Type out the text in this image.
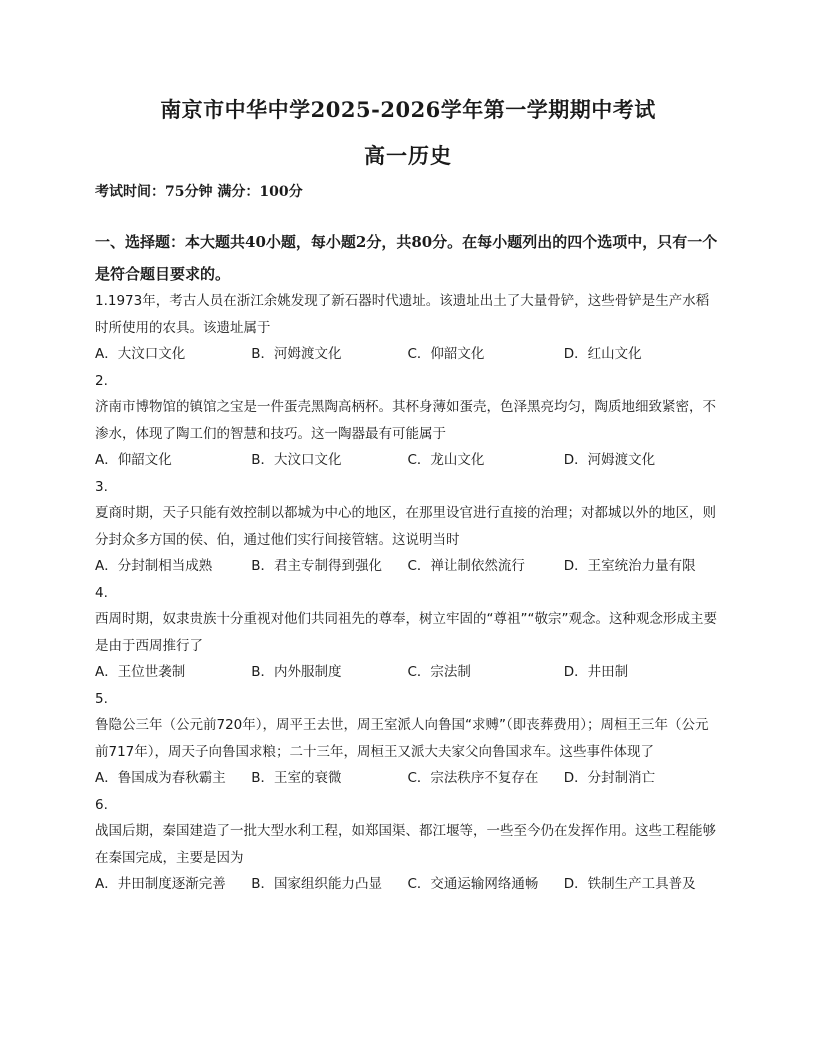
南京市中华中学2025-2026学年第一学期期中考试
高一历史
考试时间：75分钟 满分：100分
一、选择题：本大题共40小题，每小题2分，共80分。在每小题列出的四个选项中，只有一个是符合题目要求的。
1.1973年，考古人员在浙江余姚发现了新石器时代遗址。该遗址出土了大量骨铲，这些骨铲是生产水稻时所使用的农具。该遗址属于
A．大汶口文化	B．河姆渡文化	C．仰韶文化	D．红山文化
2.
济南市博物馆的镇馆之宝是一件蛋壳黑陶高柄杯。其杯身薄如蛋壳，色泽黑亮均匀，陶质地细致紧密，不渗水，体现了陶工们的智慧和技巧。这一陶器最有可能属于
A．仰韶文化	B．大汶口文化	C．龙山文化	D．河姆渡文化
3.
夏商时期，天子只能有效控制以都城为中心的地区，在那里设官进行直接的治理；对都城以外的地区，则分封众多方国的侯、伯，通过他们实行间接管辖。这说明当时
A．分封制相当成熟	B．君主专制得到强化	C．禅让制依然流行	D．王室统治力量有限
4.
西周时期，奴隶贵族十分重视对他们共同祖先的尊奉，树立牢固的“尊祖”“敬宗”观念。这种观念形成主要是由于西周推行了
A．王位世袭制	B．内外服制度	C．宗法制	D．井田制
5.
鲁隐公三年（公元前720年），周平王去世，周王室派人向鲁国“求赙”（即丧葬费用）；周桓王三年（公元前717年），周天子向鲁国求粮；二十三年，周桓王又派大夫家父向鲁国求车。这些事件体现了
A．鲁国成为春秋霸主	B．王室的衰微	C．宗法秩序不复存在	D．分封制消亡
6.
战国后期，秦国建造了一批大型水利工程，如郑国渠、都江堰等，一些至今仍在发挥作用。这些工程能够在秦国完成，主要是因为
A．井田制度逐渐完善	B．国家组织能力凸显	C．交通运输网络通畅	D．铁制生产工具普及
